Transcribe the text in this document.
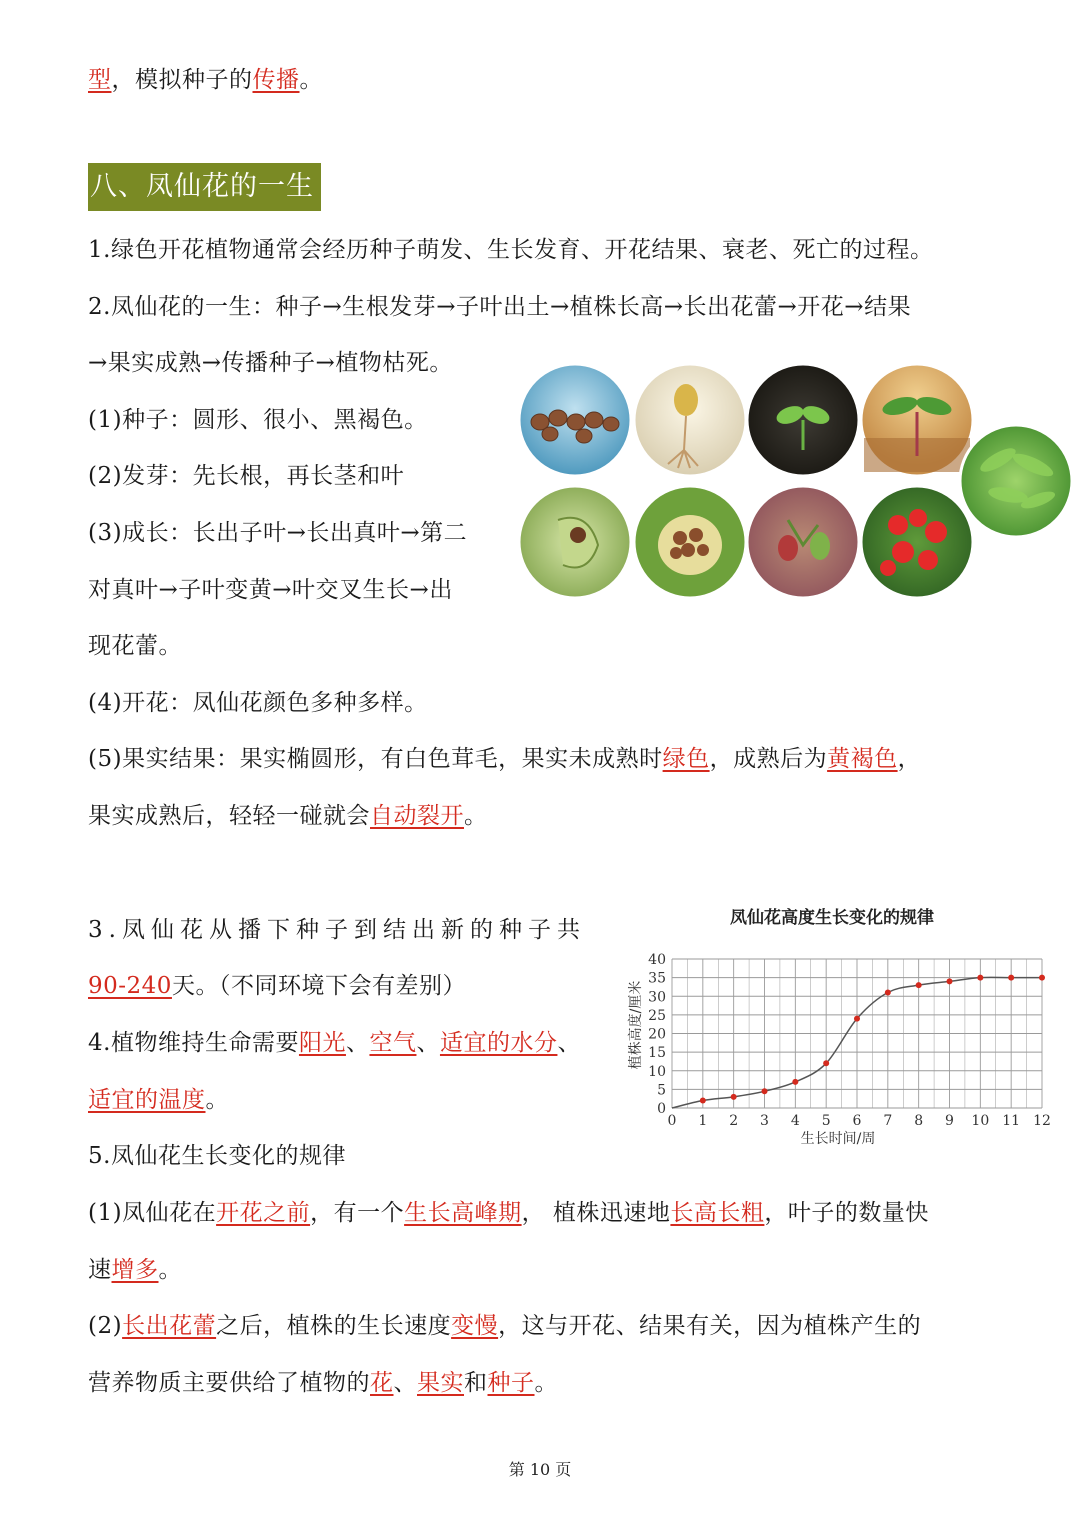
型，模拟种子的传播。
八、凤仙花的一生
1.绿色开花植物通常会经历种子萌发、生长发育、开花结果、衰老、死亡的过程。
2.凤仙花的一生：种子→生根发芽→子叶出土→植株长高→长出花蕾→开花→结果
→果实成熟→传播种子→植物枯死。
(1)种子：圆形、很小、黑褐色。
(2)发芽：先长根，再长茎和叶
(3)成长：长出子叶→长出真叶→第二
对真叶→子叶变黄→叶交叉生长→出
现花蕾。
(4)开花：凤仙花颜色多种多样。
(5)果实结果：果实椭圆形，有白色茸毛，果实未成熟时绿色，成熟后为黄褐色，
果实成熟后，轻轻一碰就会自动裂开。
3.凤仙花从播下种子到结出新的种子共
90-240天。（不同环境下会有差别）
4.植物维持生命需要阳光、空气、适宜的水分、
适宜的温度。
凤仙花高度生长变化的规律
0 1 2 3 4 5 6 7 8 9 10 11 12
0
5
10
15
20
25
30
35
40
生长时间/周
植株高度/厘米
5.凤仙花生长变化的规律
(1)凤仙花在开花之前，有一个生长高峰期， 植株迅速地长高长粗，叶子的数量快
速增多。
(2)长出花蕾之后，植株的生长速度变慢，这与开花、结果有关，因为植株产生的
营养物质主要供给了植物的花、果实和种子。
第 10 页
